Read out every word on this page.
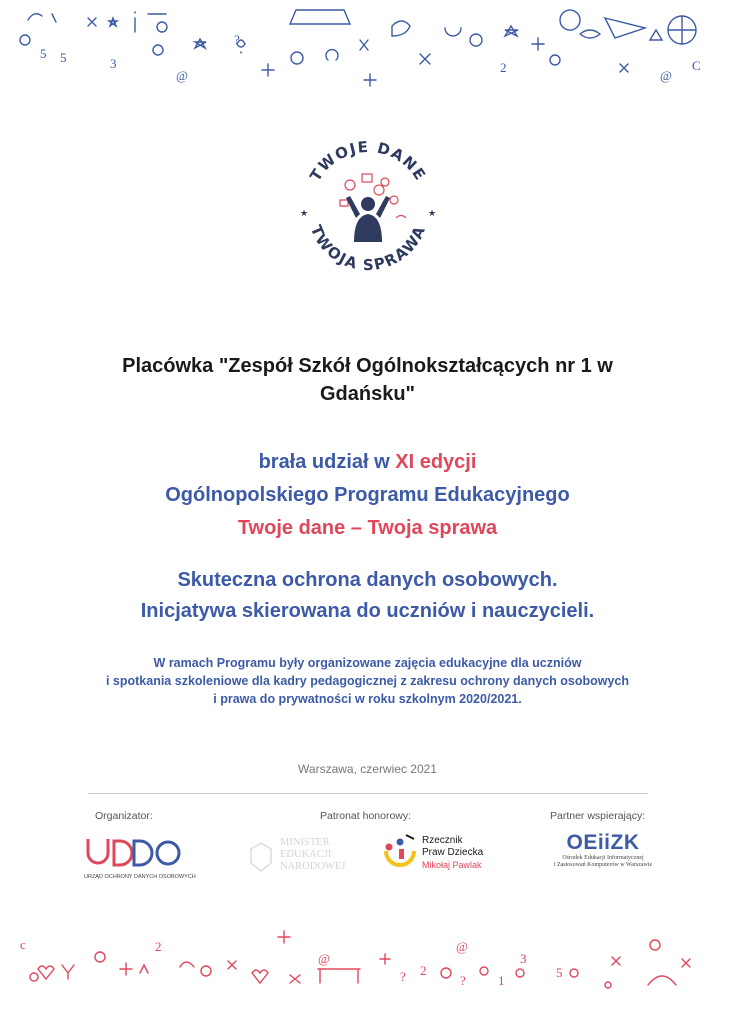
5 5	3
?
@	@
2	C
TWOJE DANE
TWOJA SPRAWA
★	★
Placówka "Zespół Szkół Ogólnokształcących nr 1 w
Gdańsku"
brała udział w XI edycji
Ogólnopolskiego Programu Edukacyjnego
Twoje dane – Twoja sprawa
Skuteczna ochrona danych osobowych.
Inicjatywa skierowana do uczniów i nauczycieli.
W ramach Programu były organizowane zajęcia edukacyjne dla uczniów
i spotkania szkoleniowe dla kadry pedagogicznej z zakresu ochrony danych osobowych
i prawa do prywatności w roku szkolnym 2020/2021.
Warszawa, czerwiec 2021
Organizator:	Patronat honorowy:	Partner wspierający:
URZĄD OCHRONY DANYCH OSOBOWYCH
MINISTER
EDUKACJI
NARODOWEJ
Rzecznik
Praw Dziecka
Mikołaj Pawlak
OEiiZK
Ośrodek Edukacji Informatycznej
i Zastosowań Komputerów w Warszawie
2
@
@
? 2
3
5
1
?
c
